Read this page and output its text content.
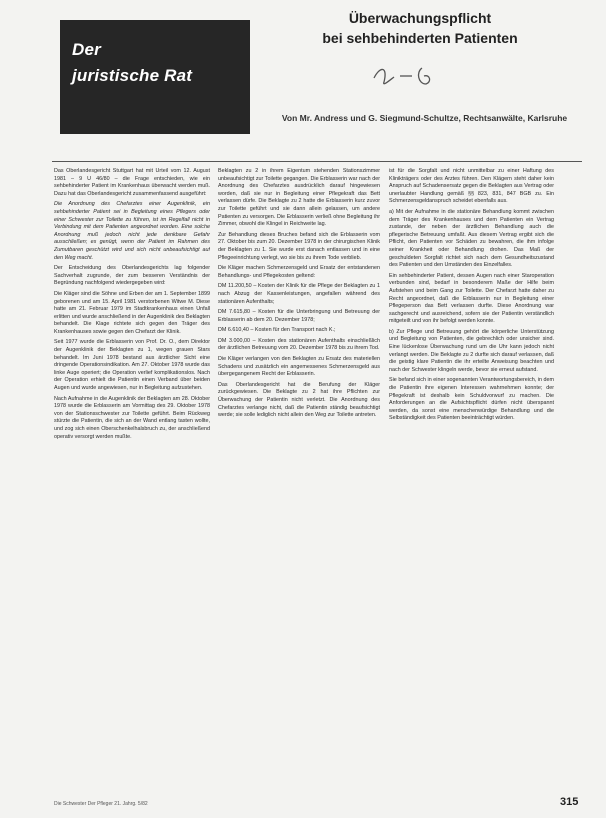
Der
juristische Rat
Überwachungspflicht
bei sehbehinderten Patienten
Von Mr. Andress und G. Siegmund-Schultze, Rechtsanwälte, Karlsruhe

Das Oberlandesgericht Stuttgart hat mit Urteil vom 12. August 1981 – 9 U 46/80 – die Frage entschieden, wie ein sehbehinderter Patient im Krankenhaus überwacht werden muß. Dazu hat das Oberlandesgericht zusammenfassend ausgeführt:

Die Anordnung des Chefarztes einer Augenklinik, ein sehbehinderter Patient sei in Begleitung eines Pflegers oder einer Schwester zur Toilette zu führen, ist im Regelfall nicht in Verbindung mit dem Patienten angeordnet worden. Eine solche Anordnung muß jedoch nicht jede denkbare Gefahr ausschließen; es genügt, wenn der Patient im Rahmen des Zumutbaren geschützt wird und sich nicht unbeaufsichtigt auf den Weg macht.

Der Entscheidung des Oberlandesgerichts lag folgender Sachverhalt zugrunde, der zum besseren Verständnis der Begründung nachfolgend wiedergegeben wird:

Die Kläger sind die Söhne und Erben der am 1. September 1899 geborenen und am 15. April 1981 verstorbenen Witwe M. Diese hatte am 21. Februar 1979 im Stadtkrankenhaus einen Unfall erlitten und wurde anschließend in der Augenklinik des Beklagten behandelt. Die Klage richtete sich gegen den Träger des Krankenhauses sowie gegen den Chefarzt der Klinik.

Seit 1977 wurde die Erblasserin von Prof. Dr. O., dem Direktor der Augenklinik der Beklagten zu 1, wegen grauen Stars behandelt. Im Juni 1978 bestand aus ärztlicher Sicht eine dringende Operationsindikation. Am 27. Oktober 1978 wurde das linke Auge operiert; die Operation verlief komplikationslos. Nach der Operation erhielt die Patientin einen Verband über beiden Augen und wurde angewiesen, nur in Begleitung aufzustehen.

Nach Aufnahme in die Augenklinik der Beklagten am 28. Oktober 1978 wurde die Erblasserin am Vormittag des 29. Oktober 1978 von der Stationsschwester zur Toilette geführt. Beim Rückweg stürzte die Patientin, die sich an der Wand entlang tasten wollte, und zog sich einen Oberschenkelhalsbruch zu, der anschließend operativ versorgt werden mußte.

Beklagten zu 2 in ihrem Eigentum stehenden Stationszimmer unbeaufsichtigt zur Toilette gegangen. Die Erblasserin war nach der Anordnung des Chefarztes ausdrücklich darauf hingewiesen worden, daß sie nur in Begleitung einer Pflegekraft das Bett verlassen dürfe. Die Beklagte zu 2 hatte die Erblasserin kurz zuvor zur Toilette geführt und sie dann allein gelassen, um andere Patienten zu versorgen. Die Erblasserin verließ ohne Begleitung ihr Zimmer, obwohl die Klingel in Reichweite lag.

Zur Behandlung dieses Bruches befand sich die Erblasserin vom 27. Oktober bis zum 20. Dezember 1978 in der chirurgischen Klinik der Beklagten zu 1. Sie wurde erst danach entlassen und in eine Pflegeeinrichtung verlegt, wo sie bis zu ihrem Tode verblieb.

Die Kläger machen Schmerzensgeld und Ersatz der entstandenen Behandlungs- und Pflegekosten geltend:

DM 11.200,50 – Kosten der Klinik für die Pflege der Beklagten zu 1 nach Abzug der Kassenleistungen, angefallen während des stationären Aufenthalts;

DM 7.615,80 – Kosten für die Unterbringung und Betreuung der Erblasserin ab dem 20. Dezember 1978;

DM 6.610,40 – Kosten für den Transport nach K.;

DM 3.000,00 – Kosten des stationären Aufenthalts einschließlich der ärztlichen Betreuung vom 20. Dezember 1978 bis zu ihrem Tod.

Die Kläger verlangen von den Beklagten zu Ersatz des materiellen Schadens und zusätzlich ein angemessenes Schmerzensgeld aus übergegangenem Recht der Erblasserin.

Das Oberlandesgericht hat die Berufung der Kläger zurückgewiesen. Die Beklagte zu 2 hat ihre Pflichten zur Überwachung der Patientin nicht verletzt. Die Anordnung des Chefarztes verlange nicht, daß die Patientin ständig beaufsichtigt werde; sie solle lediglich nicht allein den Weg zur Toilette antreten.

ist für die Sorgfalt und nicht unmittelbar zu einer Haftung des Klinikträgers oder des Arztes führen. Den Klägern steht daher kein Anspruch auf Schadensersatz gegen die Beklagten aus Vertrag oder unerlaubter Handlung gemäß §§ 823, 831, 847 BGB zu. Ein Schmerzensgeldanspruch scheidet ebenfalls aus.

a) Mit der Aufnahme in die stationäre Behandlung kommt zwischen dem Träger des Krankenhauses und dem Patienten ein Vertrag zustande, der neben der ärztlichen Behandlung auch die pflegerische Betreuung umfaßt. Aus diesem Vertrag ergibt sich die Pflicht, den Patienten vor Schäden zu bewahren, die ihm infolge seiner Krankheit oder Behandlung drohen. Das Maß der geschuldeten Sorgfalt richtet sich nach dem Gesundheitszustand des Patienten und den Umständen des Einzelfalles.

Ein sehbehinderter Patient, dessen Augen nach einer Staroperation verbunden sind, bedarf in besonderem Maße der Hilfe beim Aufstehen und beim Gang zur Toilette. Der Chefarzt hatte daher zu Recht angeordnet, daß die Erblasserin nur in Begleitung einer Pflegeperson das Bett verlassen durfte. Diese Anordnung war sachgerecht und ausreichend, sofern sie der Patientin verständlich mitgeteilt und von ihr befolgt werden konnte.

b) Zur Pflege und Betreuung gehört die körperliche Unterstützung und Begleitung von Patienten, die gebrechlich oder unsicher sind. Eine lückenlose Überwachung rund um die Uhr kann jedoch nicht verlangt werden. Die Beklagte zu 2 durfte sich darauf verlassen, daß die geistig klare Patientin die ihr erteilte Anweisung beachten und nach der Schwester klingeln werde, bevor sie erneut aufstand.

Sie befand sich in einer sogenannten Verantwortungsbereich, in dem die Patientin ihre eigenen Interessen wahrnehmen konnte; der Pflegekraft ist deshalb kein Schuldvorwurf zu machen. Die Anforderungen an die Aufsichtspflicht dürfen nicht überspannt werden, da sonst eine menschenwürdige Behandlung und die Selbständigkeit des Patienten beeinträchtigt würden.

Die Schwester Der Pfleger 21. Jahrg. 5/82	315
